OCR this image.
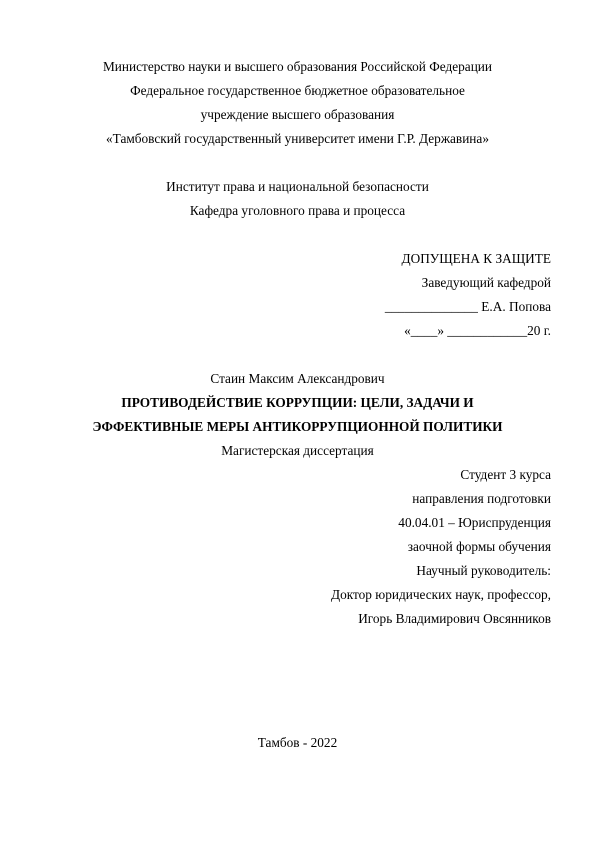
Министерство науки и высшего образования Российской Федерации
Федеральное государственное бюджетное образовательное
учреждение высшего образования
«Тамбовский государственный университет имени Г.Р. Державина»
Институт права и национальной безопасности
Кафедра уголовного права и процесса
ДОПУЩЕНА К ЗАЩИТЕ
Заведующий кафедрой
______________ Е.А. Попова
«____» ____________20 г.
Стаин Максим Александрович
ПРОТИВОДЕЙСТВИЕ КОРРУПЦИИ: ЦЕЛИ, ЗАДАЧИ И
ЭФФЕКТИВНЫЕ МЕРЫ АНТИКОРРУПЦИОННОЙ ПОЛИТИКИ
Магистерская диссертация
Студент 3 курса
направления подготовки
40.04.01 – Юриспруденция
заочной формы обучения
Научный руководитель:
Доктор юридических наук, профессор,
Игорь Владимирович Овсянников
Тамбов - 2022
